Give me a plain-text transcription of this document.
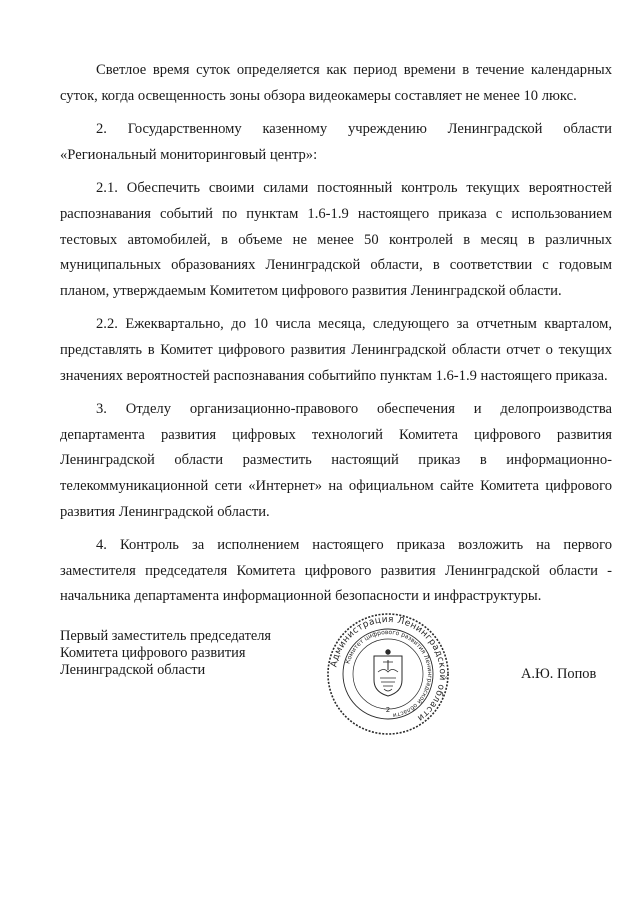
Светлое время суток определяется как период времени в течение календарных суток, когда освещенность зоны обзора видеокамеры составляет не менее 10 люкс.

2. Государственному казенному учреждению Ленинградской области «Региональный мониторинговый центр»:

2.1. Обеспечить своими силами постоянный контроль текущих вероятностей распознавания событий по пунктам 1.6-1.9 настоящего приказа с использованием тестовых автомобилей, в объеме не менее 50 контролей в месяц в различных муниципальных образованиях Ленинградской области, в соответствии с годовым планом, утверждаемым Комитетом цифрового развития Ленинградской области.

2.2. Ежеквартально, до 10 числа месяца, следующего за отчетным кварталом, представлять в Комитет цифрового развития Ленинградской области отчет о текущих значениях вероятностей распознавания событийпо пунктам 1.6-1.9 настоящего приказа.

3. Отделу организационно-правового обеспечения и делопроизводства департамента развития цифровых технологий Комитета цифрового развития Ленинградской области разместить настоящий приказ в информационно-телекоммуникационной сети «Интернет» на официальном сайте Комитета цифрового развития Ленинградской области.

4. Контроль за исполнением настоящего приказа возложить на первого заместителя председателя Комитета цифрового развития Ленинградской области - начальника департамента информационной безопасности и инфраструктуры.

Первый заместитель председателя
Комитета цифрового развития
Ленинградской области	Администрация Ленинградской области
Комитет цифрового развития Ленинградской области
2
А.Ю. Попов
